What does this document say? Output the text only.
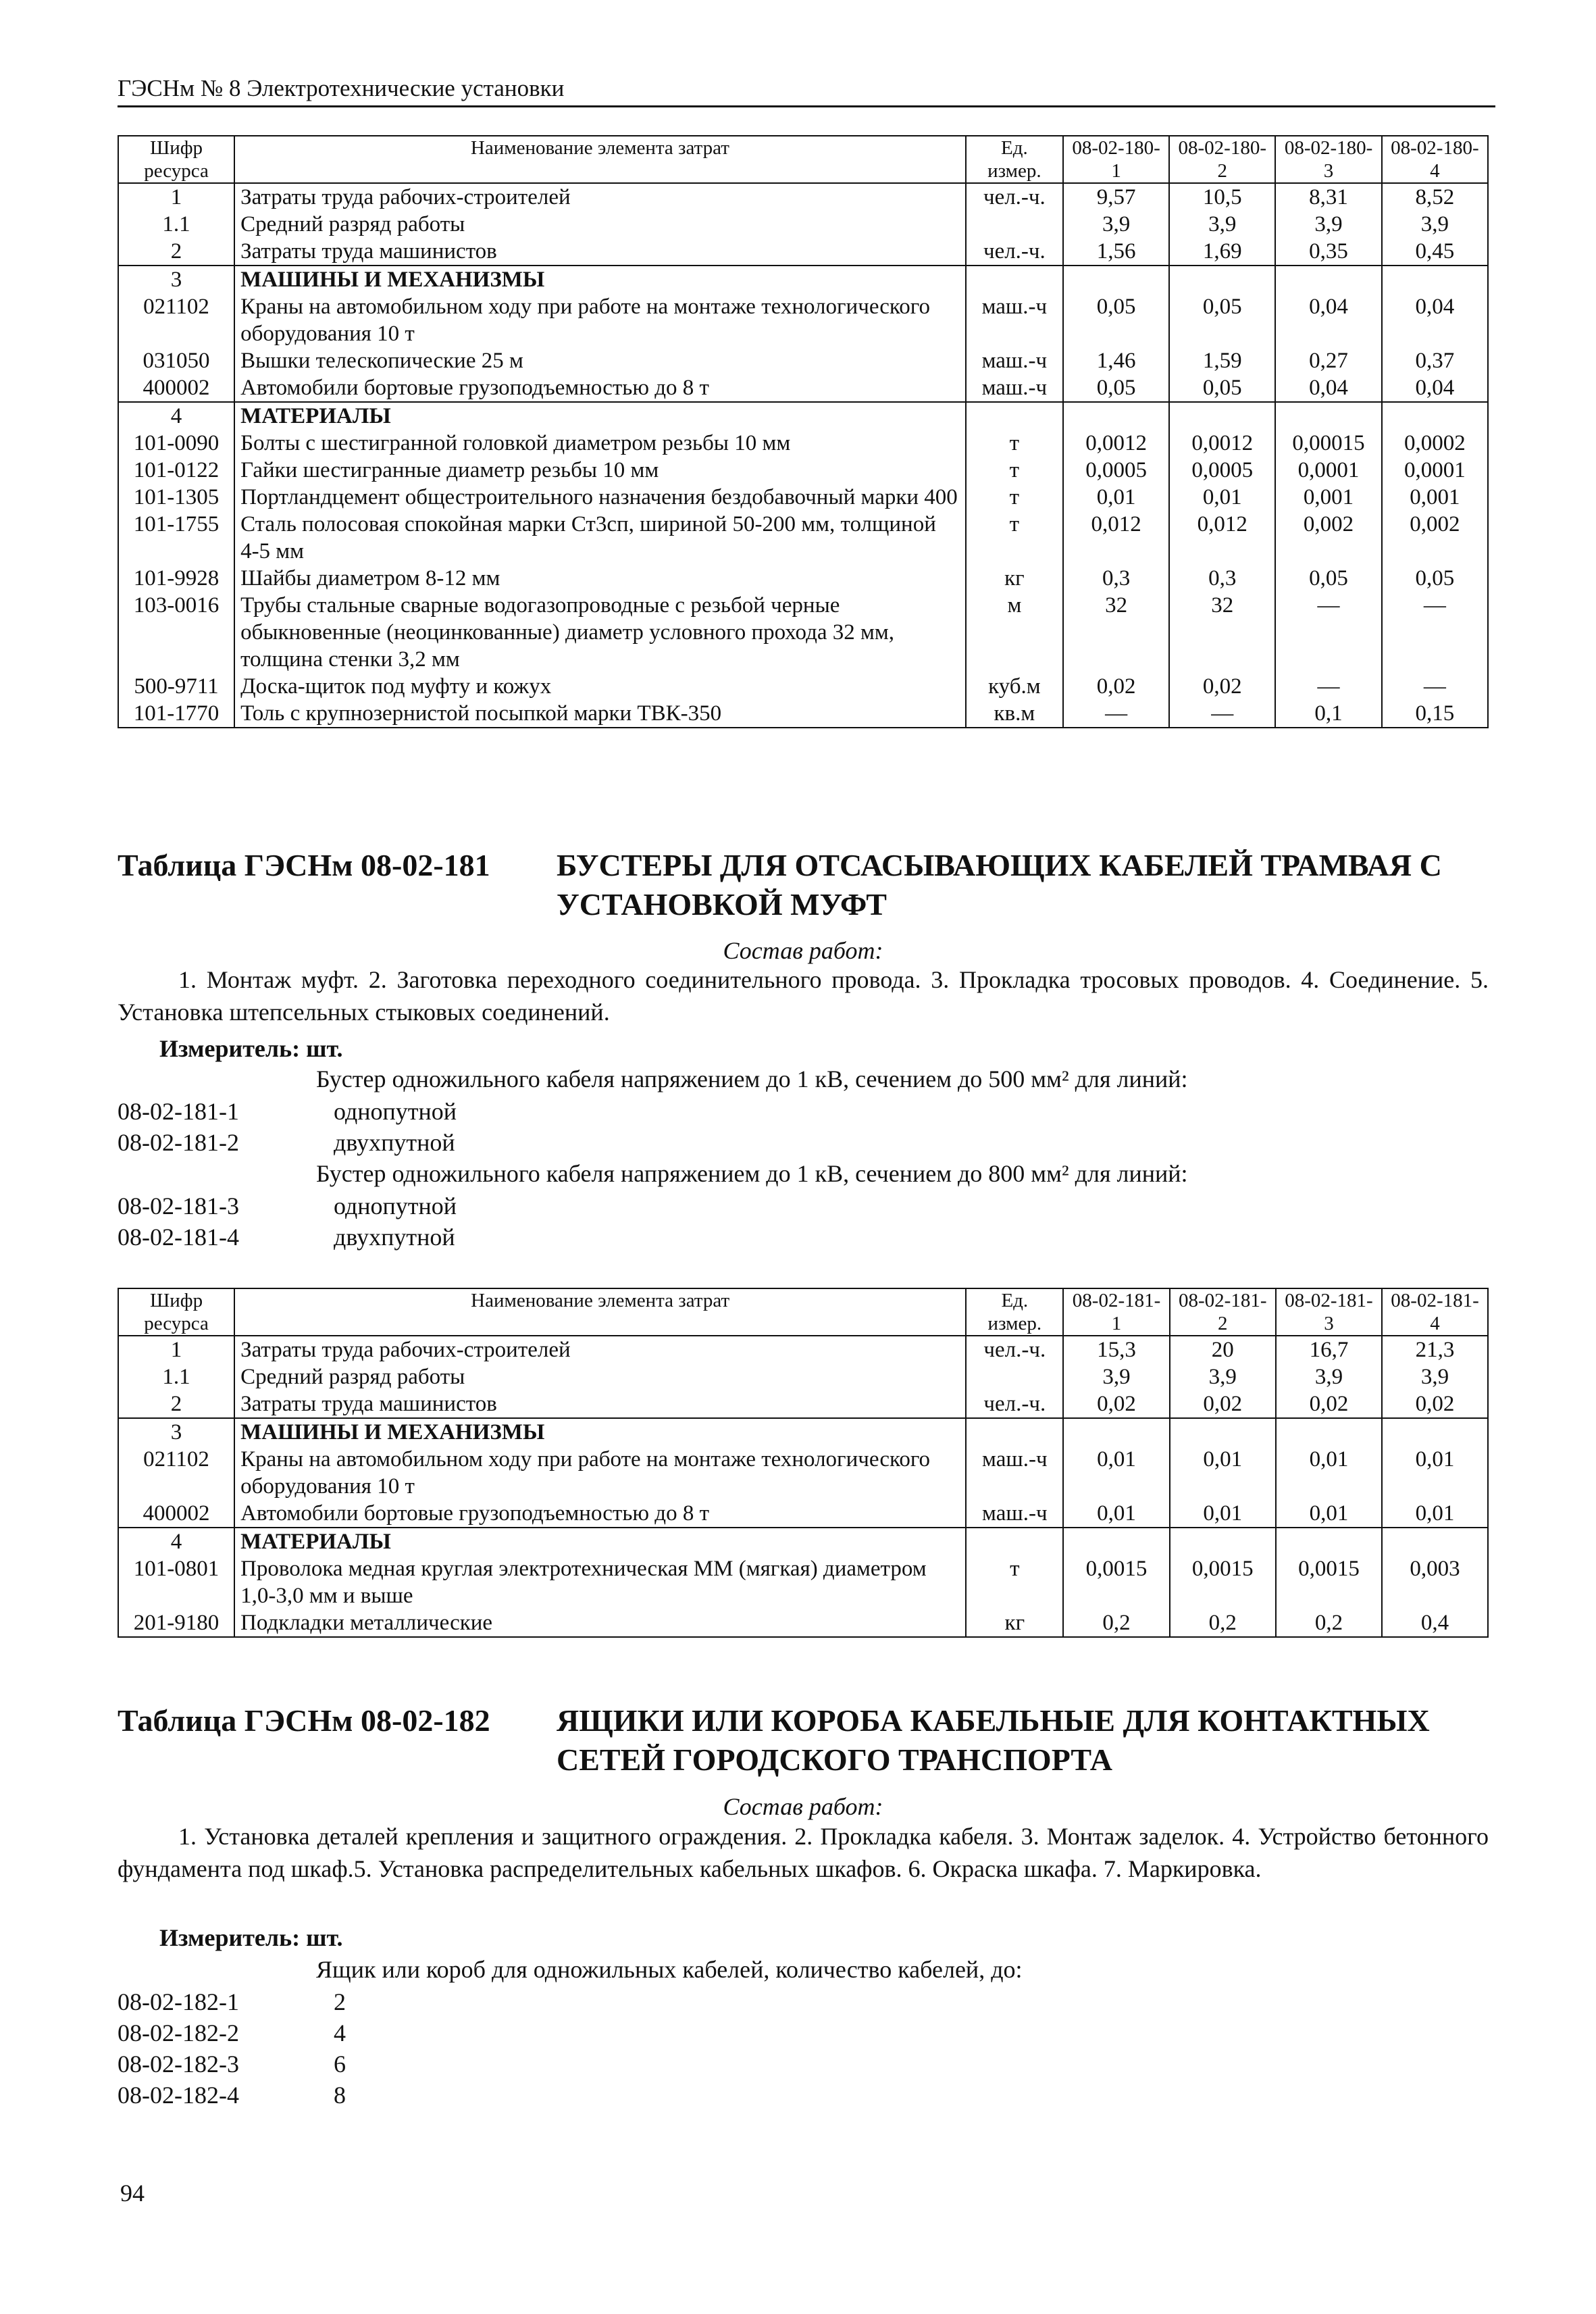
ГЭСНм № 8 Электротехнические установки
Шифр ресурса	Наименование элемента затрат	Ед. измер.	08-02-180-1	08-02-180-2	08-02-180-3	08-02-180-4
1	Затраты труда рабочих-строителей	чел.-ч.	9,57	10,5	8,31	8,52
1.1	Средний разряд работы		3,9	3,9	3,9	3,9
2	Затраты труда машинистов	чел.-ч.	1,56	1,69	0,35	0,45
3	МАШИНЫ И МЕХАНИЗМЫ					
021102	Краны на автомобильном ходу при работе на монтаже технологического оборудования 10 т	маш.-ч	0,05	0,05	0,04	0,04
031050	Вышки телескопические 25 м	маш.-ч	1,46	1,59	0,27	0,37
400002	Автомобили бортовые грузоподъемностью до 8 т	маш.-ч	0,05	0,05	0,04	0,04
4	МАТЕРИАЛЫ					
101-0090	Болты с шестигранной головкой диаметром резьбы 10 мм	т	0,0012	0,0012	0,00015	0,0002
101-0122	Гайки шестигранные диаметр резьбы 10 мм	т	0,0005	0,0005	0,0001	0,0001
101-1305	Портландцемент общестроительного назначения бездобавочный марки 400	т	0,01	0,01	0,001	0,001
101-1755	Сталь полосовая спокойная марки Ст3сп, шириной 50-200 мм, толщиной 4-5 мм	т	0,012	0,012	0,002	0,002
101-9928	Шайбы диаметром 8-12 мм	кг	0,3	0,3	0,05	0,05
103-0016	Трубы стальные сварные водогазопроводные с резьбой черные обыкновенные (неоцинкованные) диаметр условного прохода 32 мм, толщина стенки 3,2 мм	м	32	32	—	—
500-9711	Доска-щиток под муфту и кожух	куб.м	0,02	0,02	—	—
101-1770	Толь с крупнозернистой посыпкой марки ТВК-350	кв.м	—	—	0,1	0,15
Таблица ГЭСНм 08-02-181 БУСТЕРЫ ДЛЯ ОТСАСЫВАЮЩИХ КАБЕЛЕЙ ТРАМВАЯ С УСТАНОВКОЙ МУФТ
Состав работ:
1. Монтаж муфт. 2. Заготовка переходного соединительного провода. 3. Прокладка тросовых проводов. 4. Соединение. 5. Установка штепсельных стыковых соединений.
Измеритель: шт.
Бустер одножильного кабеля напряжением до 1 кВ, сечением до 500 мм² для линий:
08-02-181-1	однопутной
08-02-181-2	двухпутной
Бустер одножильного кабеля напряжением до 1 кВ, сечением до 800 мм² для линий:
08-02-181-3	однопутной
08-02-181-4	двухпутной
Шифр ресурса	Наименование элемента затрат	Ед. измер.	08-02-181-1	08-02-181-2	08-02-181-3	08-02-181-4
1	Затраты труда рабочих-строителей	чел.-ч.	15,3	20	16,7	21,3
1.1	Средний разряд работы		3,9	3,9	3,9	3,9
2	Затраты труда машинистов	чел.-ч.	0,02	0,02	0,02	0,02
3	МАШИНЫ И МЕХАНИЗМЫ					
021102	Краны на автомобильном ходу при работе на монтаже технологического оборудования 10 т	маш.-ч	0,01	0,01	0,01	0,01
400002	Автомобили бортовые грузоподъемностью до 8 т	маш.-ч	0,01	0,01	0,01	0,01
4	МАТЕРИАЛЫ					
101-0801	Проволока медная круглая электротехническая ММ (мягкая) диаметром 1,0-3,0 мм и выше	т	0,0015	0,0015	0,0015	0,003
201-9180	Подкладки металлические	кг	0,2	0,2	0,2	0,4
Таблица ГЭСНм 08-02-182 ЯЩИКИ ИЛИ КОРОБА КАБЕЛЬНЫЕ ДЛЯ КОНТАКТНЫХ СЕТЕЙ ГОРОДСКОГО ТРАНСПОРТА
Состав работ:
1. Установка деталей крепления и защитного ограждения. 2. Прокладка кабеля. 3. Монтаж заделок. 4. Устройство бетонного фундамента под шкаф.5. Установка распределительных кабельных шкафов. 6. Окраска шкафа. 7. Маркировка.
Измеритель: шт.
Ящик или короб для одножильных кабелей, количество кабелей, до:
08-02-182-1	2
08-02-182-2	4
08-02-182-3	6
08-02-182-4	8
94
